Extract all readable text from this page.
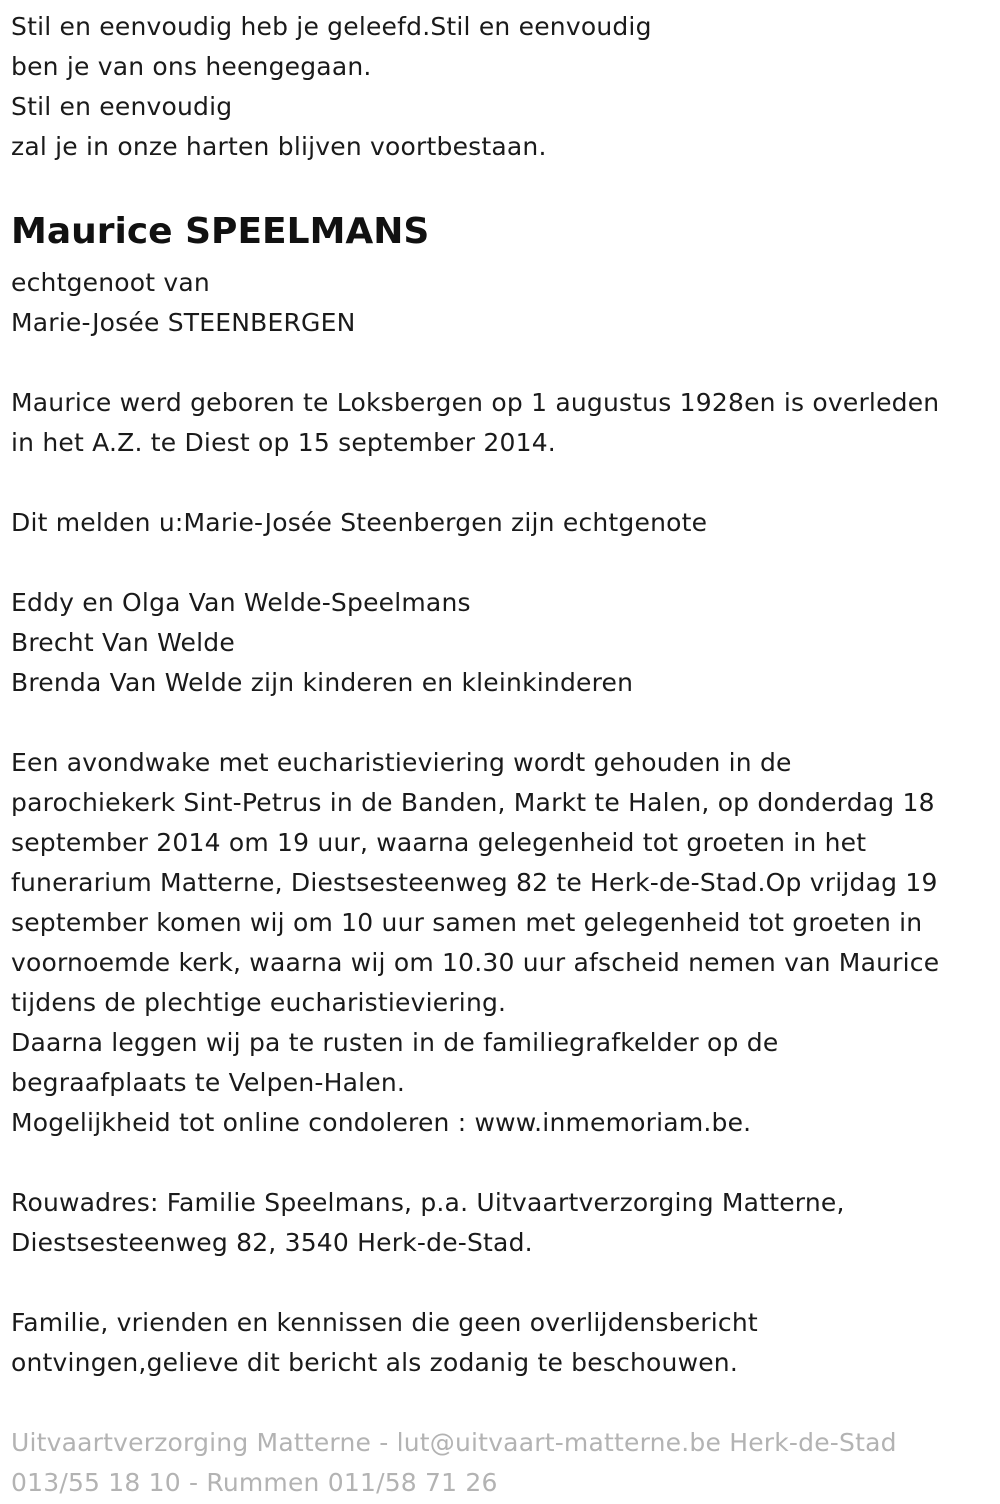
Stil en eenvoudig heb je geleefd.Stil en eenvoudig
ben je van ons heengegaan.
Stil en eenvoudig
zal je in onze harten blijven voortbestaan.
Maurice SPEELMANS
echtgenoot van
Marie-Josée STEENBERGEN
Maurice werd geboren te Loksbergen op 1 augustus 1928en is overleden
in het A.Z. te Diest op 15 september 2014.
Dit melden u:Marie-Josée Steenbergen zijn echtgenote
Eddy en Olga Van Welde-Speelmans
Brecht Van Welde
Brenda Van Welde zijn kinderen en kleinkinderen
Een avondwake met eucharistieviering wordt gehouden in de
parochiekerk Sint-Petrus in de Banden, Markt te Halen, op donderdag 18
september 2014 om 19 uur, waarna gelegenheid tot groeten in het
funerarium Matterne, Diestsesteenweg 82 te Herk-de-Stad.Op vrijdag 19
september komen wij om 10 uur samen met gelegenheid tot groeten in
voornoemde kerk, waarna wij om 10.30 uur afscheid nemen van Maurice
tijdens de plechtige eucharistieviering.
Daarna leggen wij pa te rusten in de familiegrafkelder op de
begraafplaats te Velpen-Halen.
Mogelijkheid tot online condoleren : www.inmemoriam.be.
Rouwadres: Familie Speelmans, p.a. Uitvaartverzorging Matterne,
Diestsesteenweg 82, 3540 Herk-de-Stad.
Familie, vrienden en kennissen die geen overlijdensbericht
ontvingen,gelieve dit bericht als zodanig te beschouwen.
Uitvaartverzorging Matterne - lut@uitvaart-matterne.be Herk-de-Stad
013/55 18 10 - Rummen 011/58 71 26
